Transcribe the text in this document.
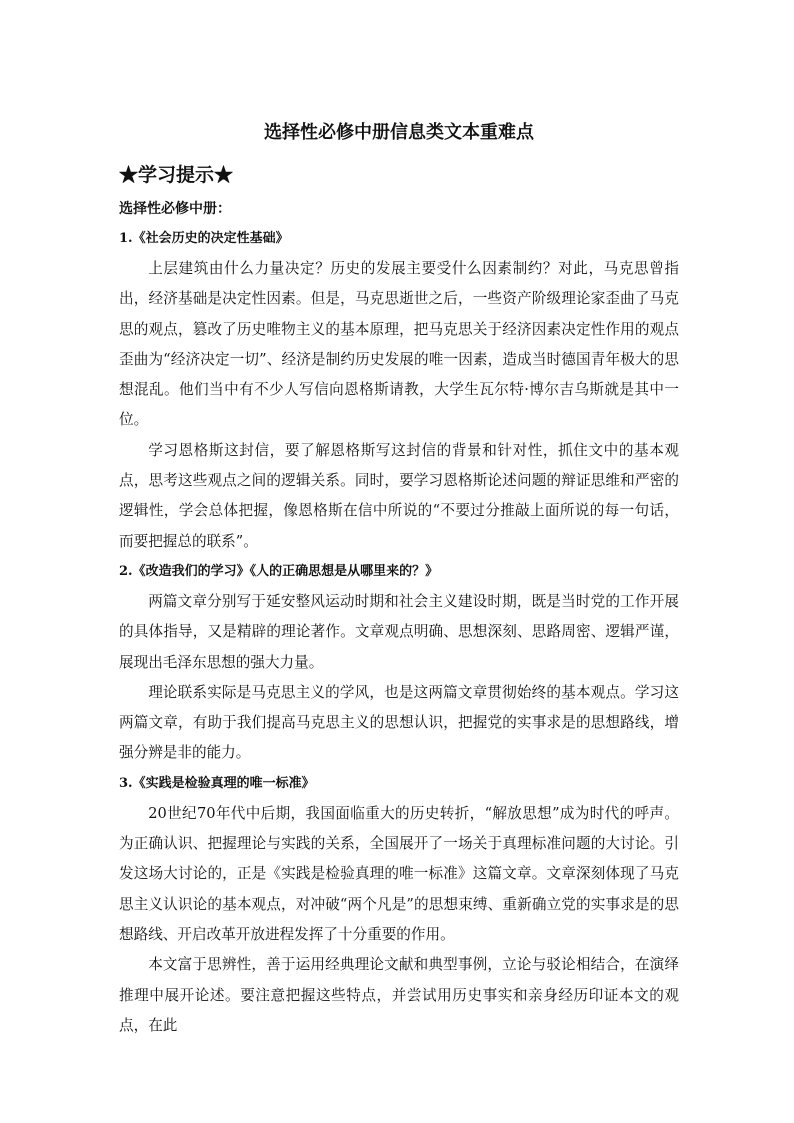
选择性必修中册信息类文本重难点
★学习提示★
选择性必修中册：
1.《社会历史的决定性基础》

上层建筑由什么力量决定？历史的发展主要受什么因素制约？对此，马克思曾指出，经济基础是决定性因素。但是，马克思逝世之后，一些资产阶级理论家歪曲了马克思的观点，篡改了历史唯物主义的基本原理，把马克思关于经济因素决定性作用的观点歪曲为“经济决定一切”、经济是制约历史发展的唯一因素，造成当时德国青年极大的思想混乱。他们当中有不少人写信向恩格斯请教，大学生瓦尔特·博尔吉乌斯就是其中一位。

学习恩格斯这封信，要了解恩格斯写这封信的背景和针对性，抓住文中的基本观点，思考这些观点之间的逻辑关系。同时，要学习恩格斯论述问题的辩证思维和严密的逻辑性，学会总体把握，像恩格斯在信中所说的“不要过分推敲上面所说的每一句话，而要把握总的联系”。

2.《改造我们的学习》《人的正确思想是从哪里来的？》

两篇文章分别写于延安整风运动时期和社会主义建设时期，既是当时党的工作开展的具体指导，又是精辟的理论著作。文章观点明确、思想深刻、思路周密、逻辑严谨，展现出毛泽东思想的强大力量。

理论联系实际是马克思主义的学风，也是这两篇文章贯彻始终的基本观点。学习这两篇文章，有助于我们提高马克思主义的思想认识，把握党的实事求是的思想路线，增强分辨是非的能力。

3.《实践是检验真理的唯一标准》

20世纪70年代中后期，我国面临重大的历史转折，“解放思想”成为时代的呼声。为正确认识、把握理论与实践的关系，全国展开了一场关于真理标准问题的大讨论。引发这场大讨论的，正是《实践是检验真理的唯一标准》这篇文章。文章深刻体现了马克思主义认识论的基本观点，对冲破“两个凡是”的思想束缚、重新确立党的实事求是的思想路线、开启改革开放进程发挥了十分重要的作用。

本文富于思辨性，善于运用经典理论文献和典型事例，立论与驳论相结合，在演绎推理中展开论述。要注意把握这些特点，并尝试用历史事实和亲身经历印证本文的观点，在此
